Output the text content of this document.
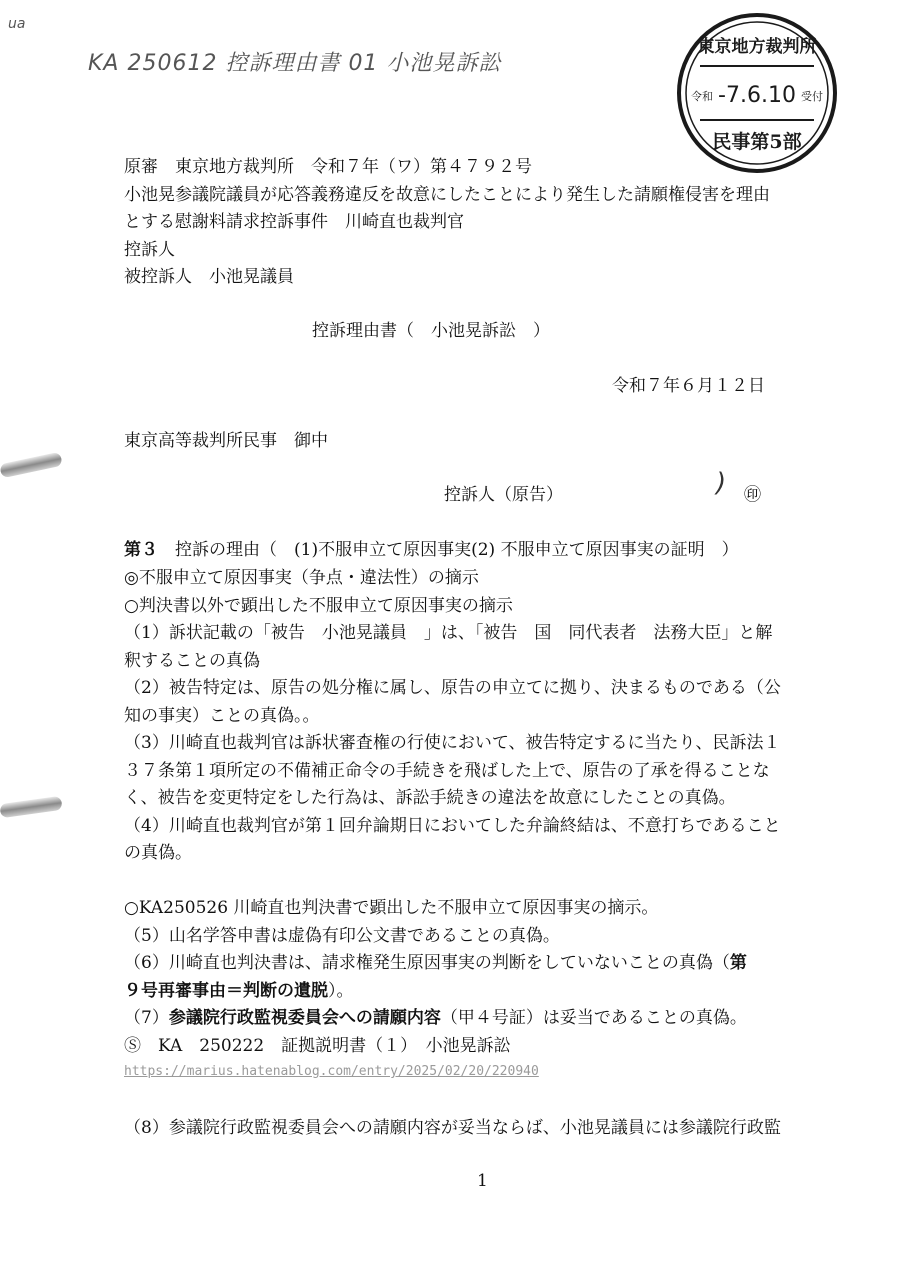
ua
KA 250612 控訴理由書 01 小池晃訴訟
東京地方裁判所
令和	受付
-7.6.10
民事第5部
原審　東京地方裁判所　令和７年（ワ）第４７９２号
小池晃参議院議員が応答義務違反を故意にしたことにより発生した請願権侵害を理由
とする慰謝料請求控訴事件　川崎直也裁判官
控訴人
被控訴人　小池晃議員
控訴理由書（　小池晃訴訟　）
令和７年６月１２日
東京高等裁判所民事　御中
控訴人（原告）	) ㊞
第３　控訴の理由（　(1)不服申立て原因事実(2) 不服申立て原因事実の証明　）
◎不服申立て原因事実（争点・違法性）の摘示
○判決書以外で顕出した不服申立て原因事実の摘示
（1）訴状記載の「被告　小池晃議員　」は、「被告　国　同代表者　法務大臣」と解
釈することの真偽
（2）被告特定は、原告の処分権に属し、原告の申立てに拠り、決まるものである（公
知の事実）ことの真偽。。
（3）川崎直也裁判官は訴状審査権の行使において、被告特定するに当たり、民訴法１
３７条第１項所定の不備補正命令の手続きを飛ばした上で、原告の了承を得ることな
く、被告を変更特定をした行為は、訴訟手続きの違法を故意にしたことの真偽。
（4）川崎直也裁判官が第１回弁論期日においてした弁論終結は、不意打ちであること
の真偽。
○KA250526 川崎直也判決書で顕出した不服申立て原因事実の摘示。
（5）山名学答申書は虚偽有印公文書であることの真偽。
（6）川崎直也判決書は、請求権発生原因事実の判断をしていないことの真偽（第
９号再審事由＝判断の遺脱）。
（7）参議院行政監視委員会への請願内容（甲４号証）は妥当であることの真偽。
Ⓢ　KA　250222　証拠説明書（１）　小池晃訴訟
https://marius.hatenablog.com/entry/2025/02/20/220940
（8）参議院行政監視委員会への請願内容が妥当ならば、小池晃議員には参議院行政監
1
